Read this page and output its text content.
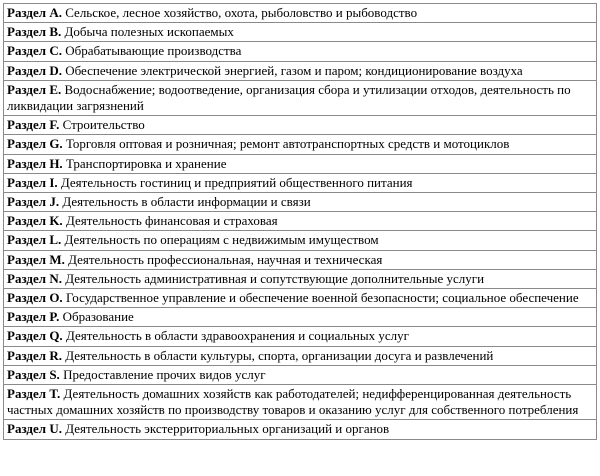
Раздел A. Сельское, лесное хозяйство, охота, рыболовство и рыбоводство
Раздел B. Добыча полезных ископаемых
Раздел C. Обрабатывающие производства
Раздел D. Обеспечение электрической энергией, газом и паром; кондиционирование воздуха
Раздел E. Водоснабжение; водоотведение, организация сбора и утилизации отходов, деятельность по ликвидации загрязнений
Раздел F. Строительство
Раздел G. Торговля оптовая и розничная; ремонт автотранспортных средств и мотоциклов
Раздел H. Транспортировка и хранение
Раздел I. Деятельность гостиниц и предприятий общественного питания
Раздел J. Деятельность в области информации и связи
Раздел K. Деятельность финансовая и страховая
Раздел L. Деятельность по операциям с недвижимым имуществом
Раздел M. Деятельность профессиональная, научная и техническая
Раздел N. Деятельность административная и сопутствующие дополнительные услуги
Раздел O. Государственное управление и обеспечение военной безопасности; социальное обеспечение
Раздел P. Образование
Раздел Q. Деятельность в области здравоохранения и социальных услуг
Раздел R. Деятельность в области культуры, спорта, организации досуга и развлечений
Раздел S. Предоставление прочих видов услуг
Раздел T. Деятельность домашних хозяйств как работодателей; недифференцированная деятельность частных домашних хозяйств по производству товаров и оказанию услуг для собственного потребления
Раздел U. Деятельность экстерриториальных организаций и органов
